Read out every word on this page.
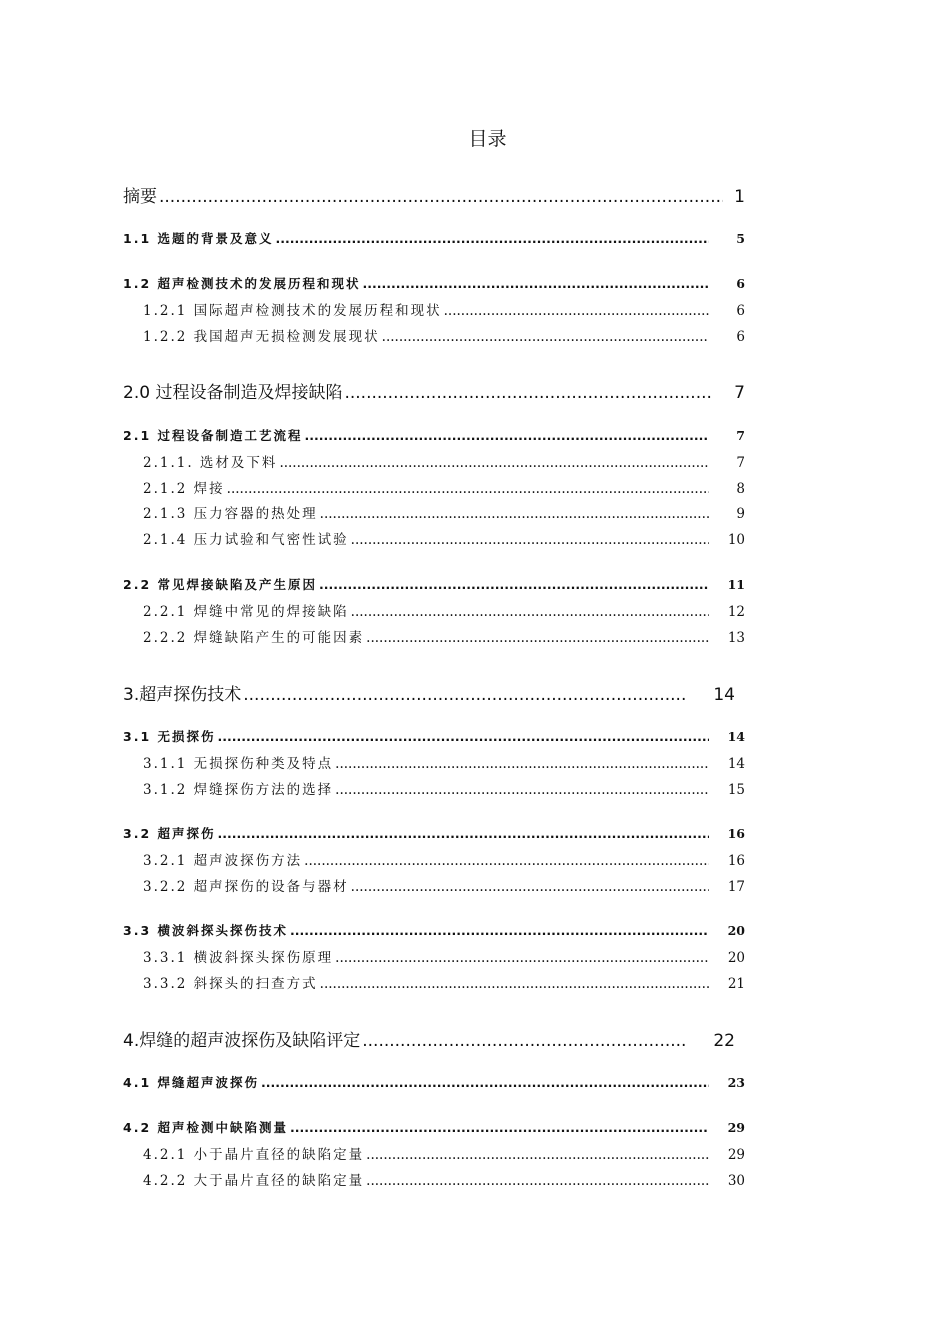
目录
摘要 .....	1
1.1 选题的背景及意义 .....	5
1.2 超声检测技术的发展历程和现状 .....	6
1.2.1 国际超声检测技术的发展历程和现状 .....	6
1.2.2 我国超声无损检测发展现状 .....	6
2.0 过程设备制造及焊接缺陷 .....	7
2.1 过程设备制造工艺流程 .....	7
2.1.1. 选材及下料 .....	7
2.1.2 焊接 .....	8
2.1.3 压力容器的热处理 .....	9
2.1.4 压力试验和气密性试验 .....	10
2.2 常见焊接缺陷及产生原因 .....	11
2.2.1 焊缝中常见的焊接缺陷 .....	12
2.2.2 焊缝缺陷产生的可能因素 .....	13
3.超声探伤技术 .....	14
3.1 无损探伤 .....	14
3.1.1 无损探伤种类及特点 .....	14
3.1.2 焊缝探伤方法的选择 .....	15
3.2 超声探伤 .....	16
3.2.1 超声波探伤方法 .....	16
3.2.2 超声探伤的设备与器材 .....	17
3.3 横波斜探头探伤技术 .....	20
3.3.1 横波斜探头探伤原理 .....	20
3.3.2 斜探头的扫查方式 .....	21
4.焊缝的超声波探伤及缺陷评定 .....	22
4.1 焊缝超声波探伤 .....	23
4.2 超声检测中缺陷测量 .....	29
4.2.1 小于晶片直径的缺陷定量 .....	29
4.2.2 大于晶片直径的缺陷定量 .....	30
